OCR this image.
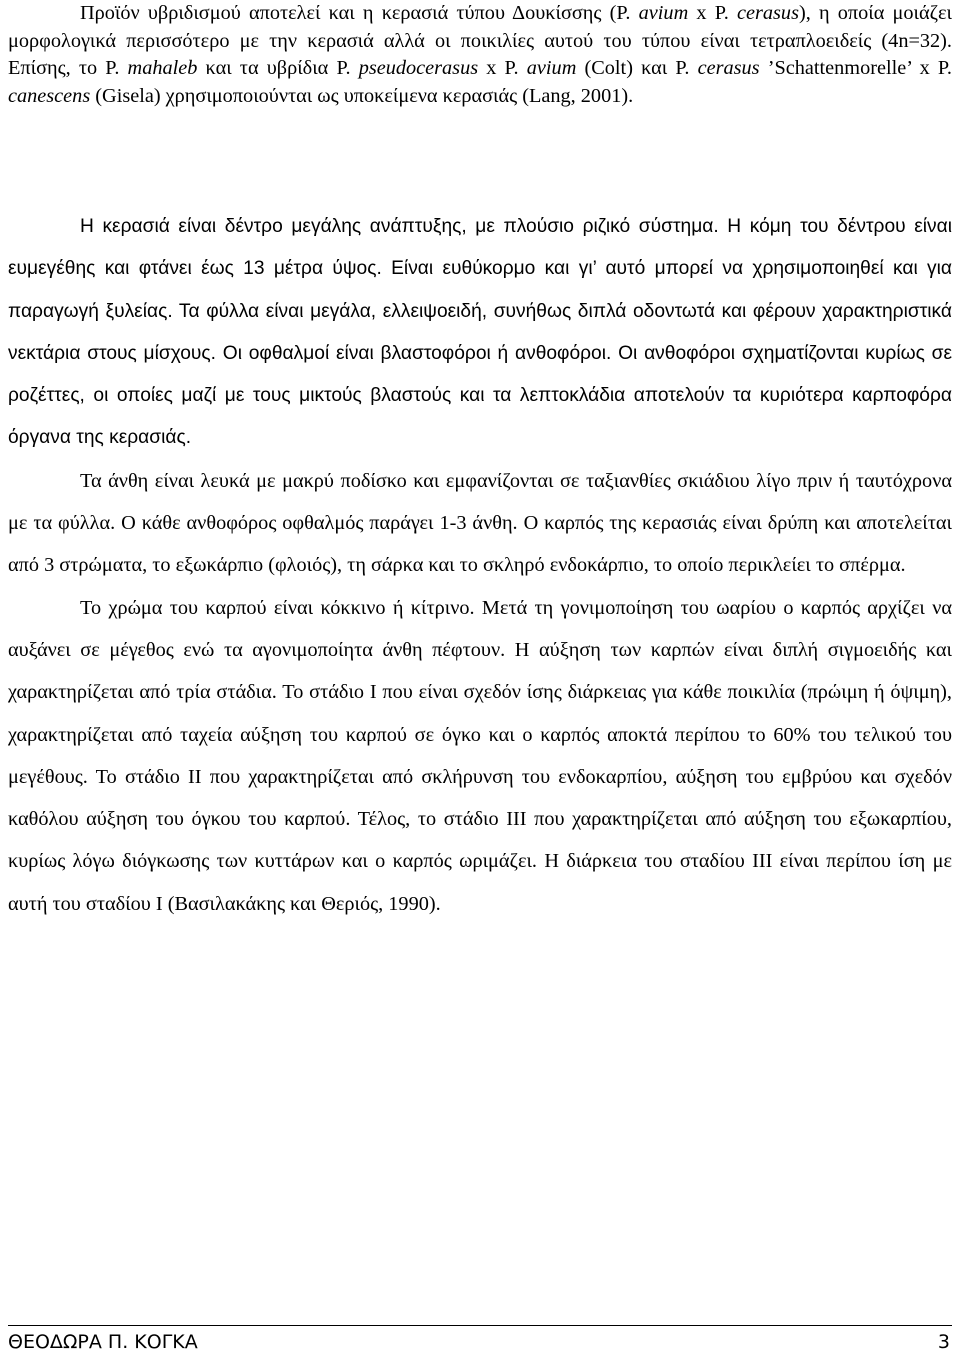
Προϊόν υβριδισμού αποτελεί και η κερασιά τύπου Δουκίσσης (P. avium x P. cerasus), η οποία μοιάζει μορφολογικά περισσότερο με την κερασιά αλλά οι ποικιλίες αυτού του τύπου είναι τετραπλοειδείς (4n=32). Επίσης, το P. mahaleb και τα υβρίδια P. pseudocerasus x P. avium (Colt) και P. cerasus ’Schattenmorelle’ x P. canescens (Gisela) χρησιμοποιούνται ως υποκείμενα κερασιάς (Lang, 2001).

Η κερασιά είναι δέντρο μεγάλης ανάπτυξης, με πλούσιο ριζικό σύστημα. Η κόμη του δέντρου είναι ευμεγέθης και φτάνει έως 13 μέτρα ύψος. Είναι ευθύκορμο και γι’ αυτό μπορεί να χρησιμοποιηθεί και για παραγωγή ξυλείας. Τα φύλλα είναι μεγάλα, ελλειψοειδή, συνήθως διπλά οδοντωτά και φέρουν χαρακτηριστικά νεκτάρια στους μίσχους. Οι οφθαλμοί είναι βλαστοφόροι ή ανθοφόροι. Οι ανθοφόροι σχηματίζονται κυρίως σε ροζέττες, οι οποίες μαζί με τους μικτούς βλαστούς και τα λεπτοκλάδια αποτελούν τα κυριότερα καρποφόρα όργανα της κερασιάς.

Τα άνθη είναι λευκά με μακρύ ποδίσκο και εμφανίζονται σε ταξιανθίες σκιάδιου λίγο πριν ή ταυτόχρονα με τα φύλλα. Ο κάθε ανθοφόρος οφθαλμός παράγει 1-3 άνθη. Ο καρπός της κερασιάς είναι δρύπη και αποτελείται από 3 στρώματα, το εξωκάρπιο (φλοιός), τη σάρκα και το σκληρό ενδοκάρπιο, το οποίο περικλείει το σπέρμα.

Το χρώμα του καρπού είναι κόκκινο ή κίτρινο. Μετά τη γονιμοποίηση του ωαρίου ο καρπός αρχίζει να αυξάνει σε μέγεθος ενώ τα αγονιμοποίητα άνθη πέφτουν. Η αύξηση των καρπών είναι διπλή σιγμοειδής και χαρακτηρίζεται από τρία στάδια. Το στάδιο Ι που είναι σχεδόν ίσης διάρκειας για κάθε ποικιλία (πρώιμη ή όψιμη), χαρακτηρίζεται από ταχεία αύξηση του καρπού σε όγκο και ο καρπός αποκτά περίπου το 60% του τελικού του μεγέθους. Το στάδιο ΙΙ που χαρακτηρίζεται από σκλήρυνση του ενδοκαρπίου, αύξηση του εμβρύου και σχεδόν καθόλου αύξηση του όγκου του καρπού. Τέλος, το στάδιο ΙΙΙ που χαρακτηρίζεται από αύξηση του εξωκαρπίου, κυρίως λόγω διόγκωσης των κυττάρων και ο καρπός ωριμάζει. Η διάρκεια του σταδίου ΙΙΙ είναι περίπου ίση με αυτή του σταδίου Ι (Βασιλακάκης και Θεριός, 1990).

ΘΕΟΔΩΡΑ Π. ΚΟΓΚΑ	3
